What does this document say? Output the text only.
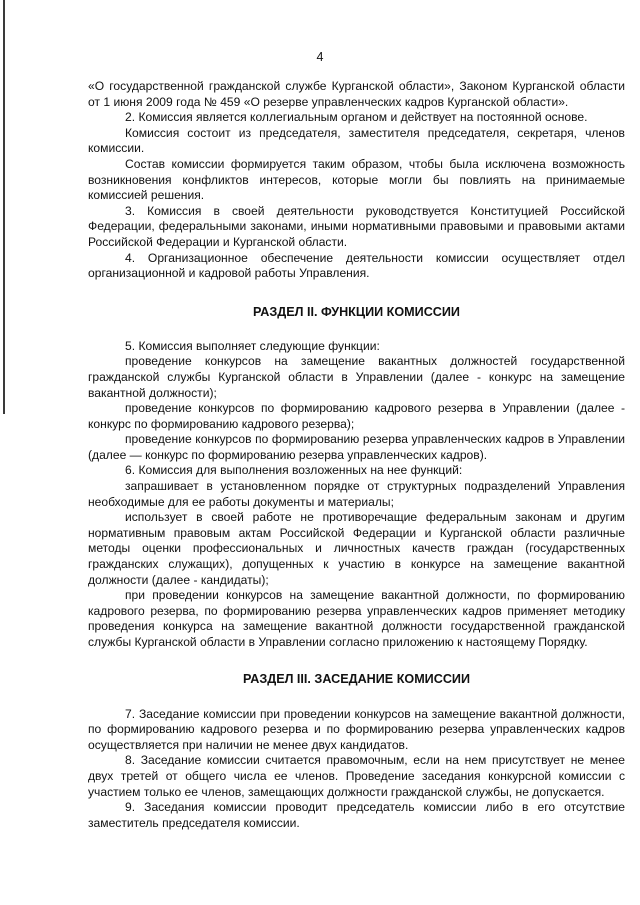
4

«О государственной гражданской службе Курганской области», Законом Курганской области от 1 июня 2009 года № 459 «О резерве управленческих кадров Курганской области».

2. Комиссия является коллегиальным органом и действует на постоянной основе.

Комиссия состоит из председателя, заместителя председателя, секретаря, членов комиссии.

Состав комиссии формируется таким образом, чтобы была исключена возможность возникновения конфликтов интересов, которые могли бы повлиять на принимаемые комиссией решения.

3. Комиссия в своей деятельности руководствуется Конституцией Российской Федерации, федеральными законами, иными нормативными правовыми и правовыми актами Российской Федерации и Курганской области.

4. Организационное обеспечение деятельности комиссии осуществляет отдел организационной и кадровой работы Управления.

РАЗДЕЛ II. ФУНКЦИИ КОМИССИИ

5. Комиссия выполняет следующие функции:

проведение конкурсов на замещение вакантных должностей государственной гражданской службы Курганской области в Управлении (далее - конкурс на замещение вакантной должности);

проведение конкурсов по формированию кадрового резерва в Управлении (далее - конкурс по формированию кадрового резерва);

проведение конкурсов по формированию резерва управленческих кадров в Управлении (далее — конкурс по формированию резерва управленческих кадров).

6. Комиссия для выполнения возложенных на нее функций:

запрашивает в установленном порядке от структурных подразделений Управления необходимые для ее работы документы и материалы;

использует в своей работе не противоречащие федеральным законам и другим нормативным правовым актам Российской Федерации и Курганской области различные методы оценки профессиональных и личностных качеств граждан (государственных гражданских служащих), допущенных к участию в конкурсе на замещение вакантной должности (далее - кандидаты);

при проведении конкурсов на замещение вакантной должности, по формированию кадрового резерва, по формированию резерва управленческих кадров применяет методику проведения конкурса на замещение вакантной должности государственной гражданской службы Курганской области в Управлении согласно приложению к настоящему Порядку.

РАЗДЕЛ III. ЗАСЕДАНИЕ КОМИССИИ

7. Заседание комиссии при проведении конкурсов на замещение вакантной должности, по формированию кадрового резерва и по формированию резерва управленческих кадров осуществляется при наличии не менее двух кандидатов.

8. Заседание комиссии считается правомочным, если на нем присутствует не менее двух третей от общего числа ее членов. Проведение заседания конкурсной комиссии с участием только ее членов, замещающих должности гражданской службы, не допускается.

9. Заседания комиссии проводит председатель комиссии либо в его отсутствие заместитель председателя комиссии.
